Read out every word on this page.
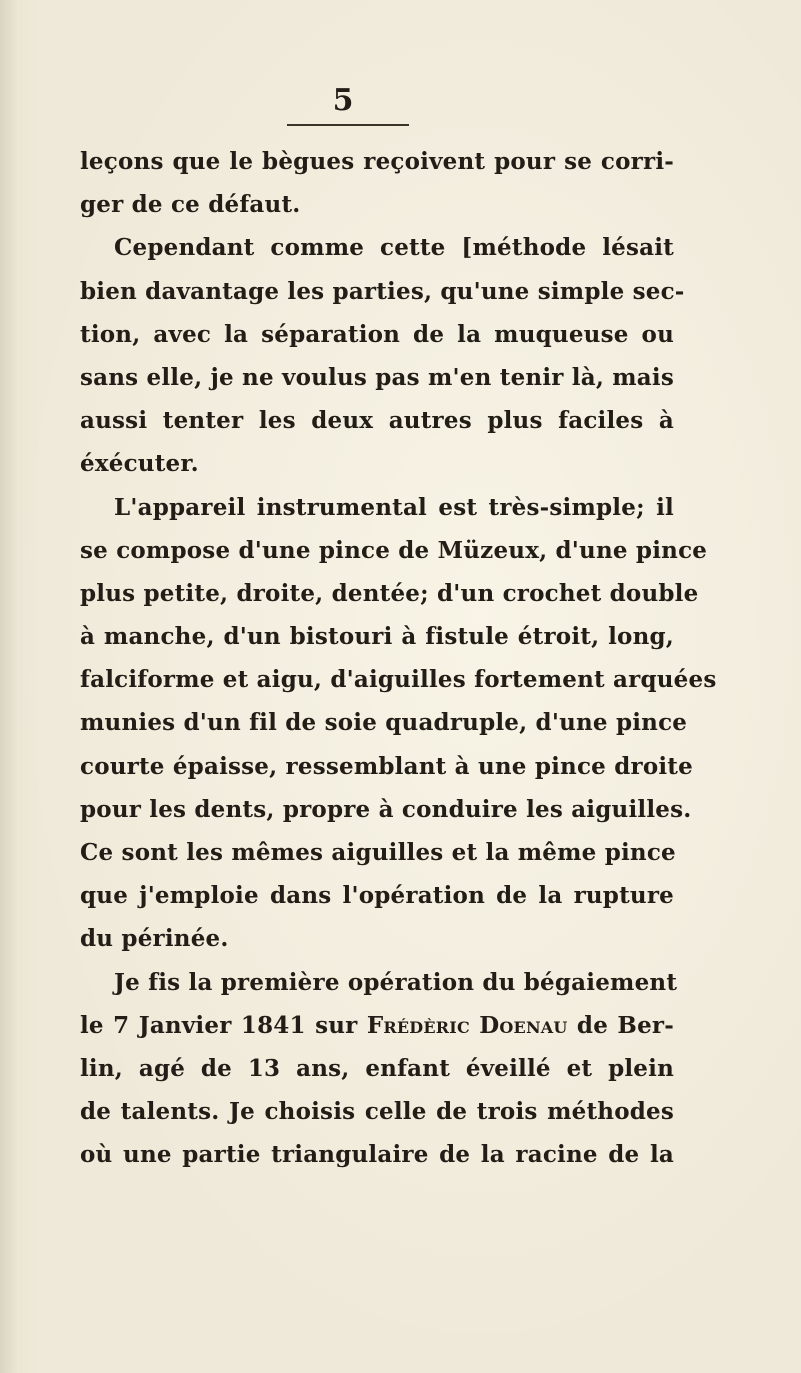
5
leçons que le bègues reçoivent pour se corri-
ger de ce défaut.
Cependant comme cette [méthode lésait
bien davantage les parties, qu'une simple sec-
tion, avec la séparation de la muqueuse ou
sans elle, je ne voulus pas m'en tenir là, mais
aussi tenter les deux autres plus faciles à
éxécuter.
L'appareil instrumental est très-simple; il
se compose d'une pince de Müzeux, d'une pince
plus petite, droite, dentée; d'un crochet double
à manche, d'un bistouri à fistule étroit, long,
falciforme et aigu, d'aiguilles fortement arquées
munies d'un fil de soie quadruple, d'une pince
courte épaisse, ressemblant à une pince droite
pour les dents, propre à conduire les aiguilles.
Ce sont les mêmes aiguilles et la même pince
que j'emploie dans l'opération de la rupture
du périnée.
Je fis la première opération du bégaiement
le 7 Janvier 1841 sur Frédèric Doenau de Ber-
lin, agé de 13 ans, enfant éveillé et plein
de talents. Je choisis celle de trois méthodes
où une partie triangulaire de la racine de la
